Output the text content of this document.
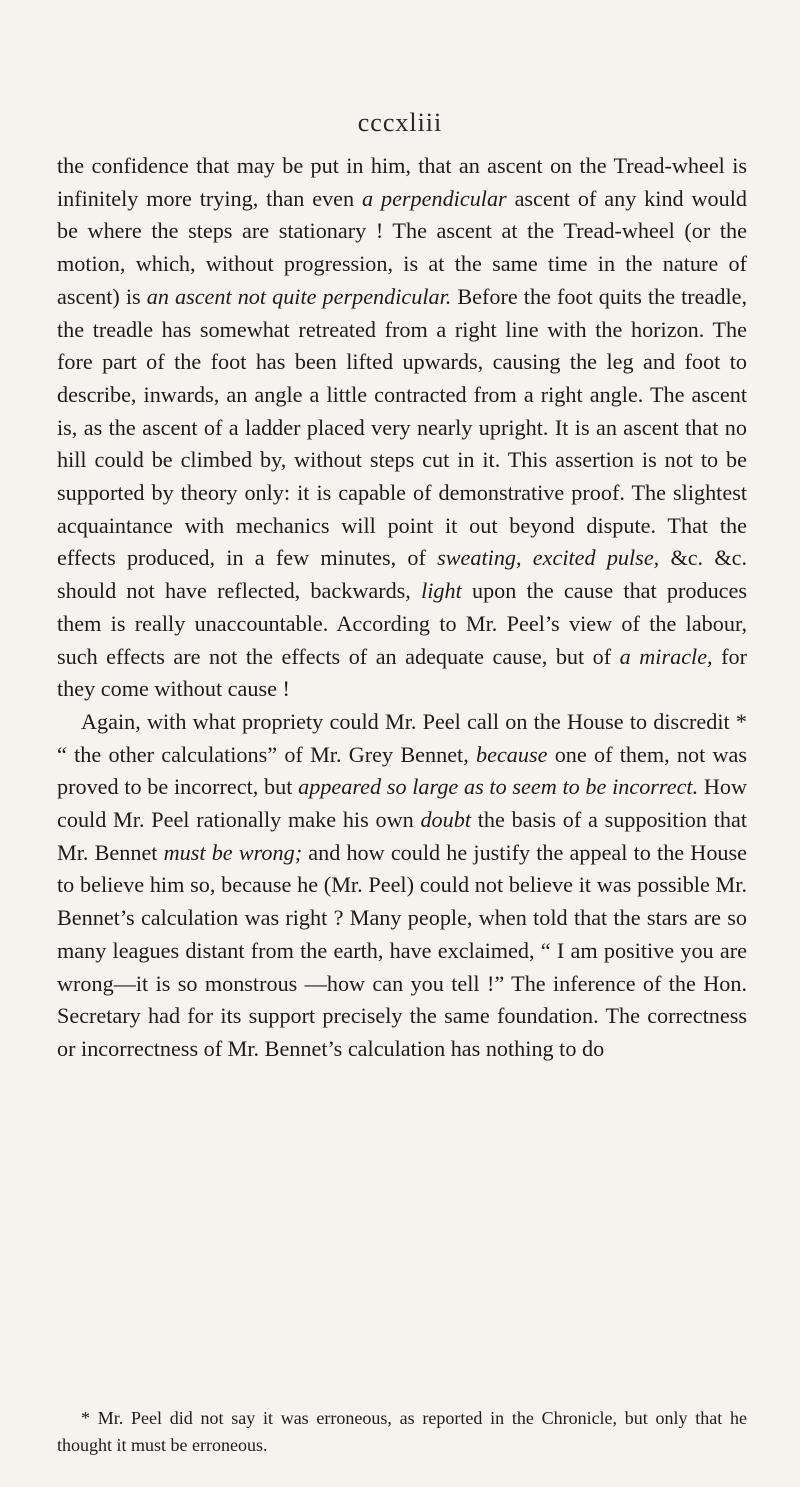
cccxliii

the confidence that may be put in him, that an ascent on the Tread-wheel is infinitely more trying, than even a perpendicular ascent of any kind would be where the steps are stationary ! The ascent at the Tread-wheel (or the motion, which, without progression, is at the same time in the nature of ascent) is an ascent not quite perpendicular. Before the foot quits the treadle, the treadle has somewhat retreated from a right line with the horizon. The fore part of the foot has been lifted upwards, causing the leg and foot to describe, inwards, an angle a little contracted from a right angle. The ascent is, as the ascent of a ladder placed very nearly upright. It is an ascent that no hill could be climbed by, without steps cut in it. This assertion is not to be supported by theory only: it is capable of demonstrative proof. The slightest acquaintance with mechanics will point it out beyond dispute. That the effects produced, in a few minutes, of sweating, excited pulse, &c. &c. should not have reflected, backwards, light upon the cause that produces them is really unaccountable. According to Mr. Peel’s view of the labour, such effects are not the effects of an adequate cause, but of a miracle, for they come without cause !

Again, with what propriety could Mr. Peel call on the House to discredit * “ the other calculations” of Mr. Grey Bennet, because one of them, not was proved to be incorrect, but appeared so large as to seem to be incorrect. How could Mr. Peel rationally make his own doubt the basis of a supposition that Mr. Bennet must be wrong; and how could he justify the appeal to the House to believe him so, because he (Mr. Peel) could not believe it was possible Mr. Bennet’s calculation was right ? Many people, when told that the stars are so many leagues distant from the earth, have exclaimed, “ I am positive you are wrong—it is so monstrous —how can you tell !” The inference of the Hon. Secretary had for its support precisely the same foundation. The correctness or incorrectness of Mr. Bennet’s calculation has nothing to do

* Mr. Peel did not say it was erroneous, as reported in the Chronicle, but only that he thought it must be erroneous.
